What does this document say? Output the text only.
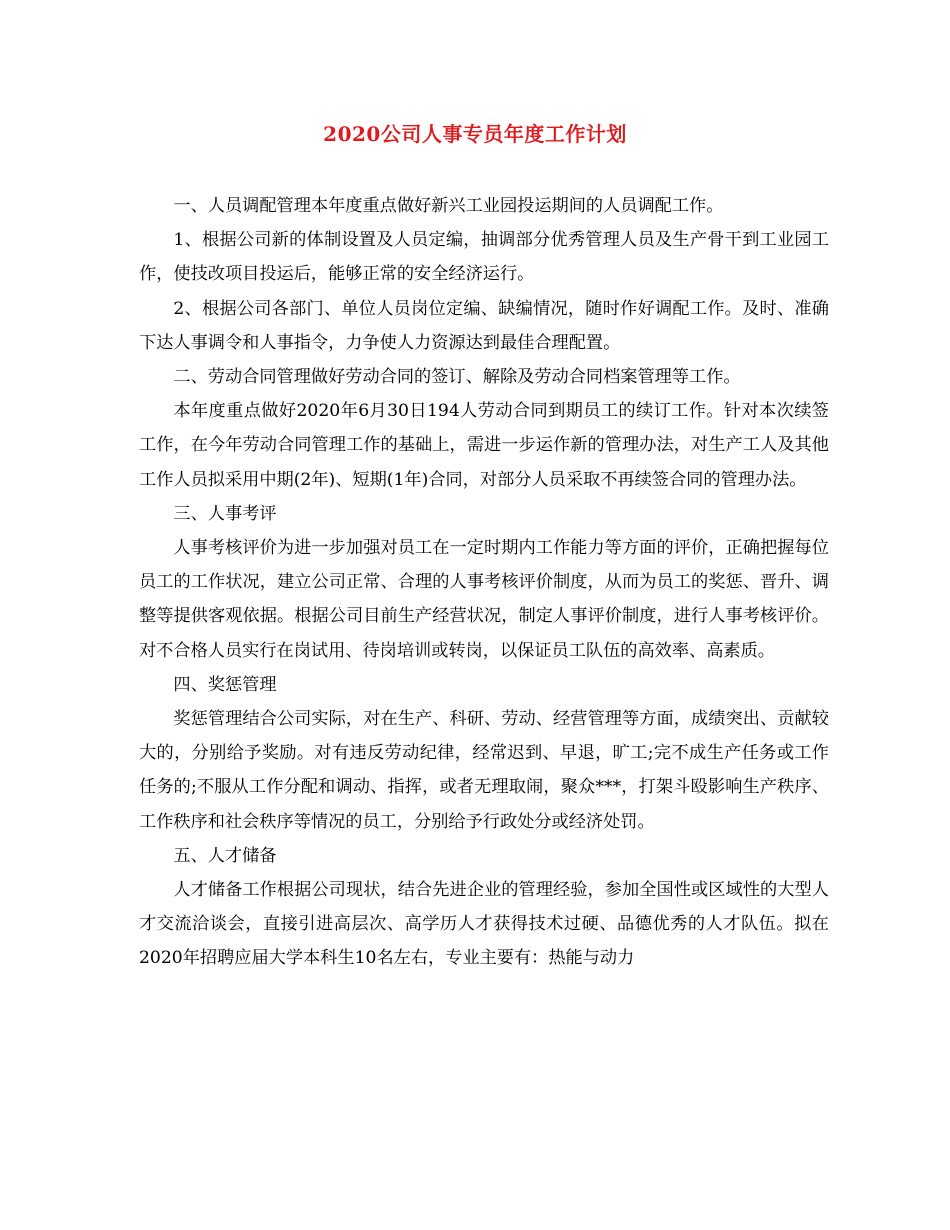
2020公司人事专员年度工作计划

一、人员调配管理本年度重点做好新兴工业园投运期间的人员调配工作。

1、根据公司新的体制设置及人员定编，抽调部分优秀管理人员及生产骨干到工业园工作，使技改项目投运后，能够正常的安全经济运行。

2、根据公司各部门、单位人员岗位定编、缺编情况，随时作好调配工作。及时、准确下达人事调令和人事指令，力争使人力资源达到最佳合理配置。

二、劳动合同管理做好劳动合同的签订、解除及劳动合同档案管理等工作。

本年度重点做好2020年6月30日194人劳动合同到期员工的续订工作。针对本次续签工作，在今年劳动合同管理工作的基础上，需进一步运作新的管理办法，对生产工人及其他工作人员拟采用中期(2年)、短期(1年)合同，对部分人员采取不再续签合同的管理办法。

三、人事考评

人事考核评价为进一步加强对员工在一定时期内工作能力等方面的评价，正确把握每位员工的工作状况，建立公司正常、合理的人事考核评价制度，从而为员工的奖惩、晋升、调整等提供客观依据。根据公司目前生产经营状况，制定人事评价制度，进行人事考核评价。对不合格人员实行在岗试用、待岗培训或转岗，以保证员工队伍的高效率、高素质。

四、奖惩管理

奖惩管理结合公司实际，对在生产、科研、劳动、经营管理等方面，成绩突出、贡献较大的，分别给予奖励。对有违反劳动纪律，经常迟到、早退，旷工;完不成生产任务或工作任务的;不服从工作分配和调动、指挥，或者无理取闹，聚众***，打架斗殴影响生产秩序、工作秩序和社会秩序等情况的员工，分别给予行政处分或经济处罚。

五、人才储备

人才储备工作根据公司现状，结合先进企业的管理经验，参加全国性或区域性的大型人才交流洽谈会，直接引进高层次、高学历人才获得技术过硬、品德优秀的人才队伍。拟在2020年招聘应届大学本科生10名左右，专业主要有：热能与动力
